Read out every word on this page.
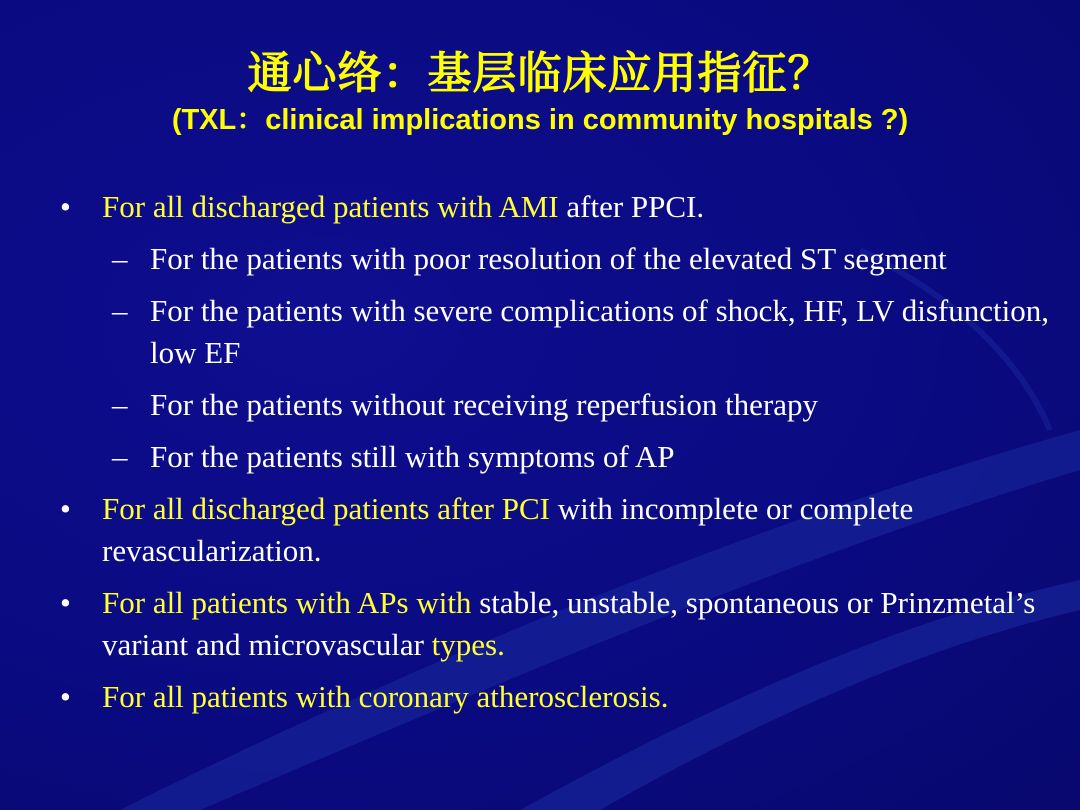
通心络：基层临床应用指征？
(TXL：clinical implications in community hospitals ?)
•	For all discharged patients with AMI after PPCI.
– For the patients with poor resolution of the elevated ST segment
– For the patients with severe complications of shock, HF, LV disfunction, low EF
– For the patients without receiving reperfusion therapy
– For the patients still with symptoms of AP
•	For all discharged patients after PCI with incomplete or complete revascularization.
•	For all patients with APs with stable, unstable, spontaneous or Prinzmetal’s variant and microvascular types.
•	For all patients with coronary atherosclerosis.
